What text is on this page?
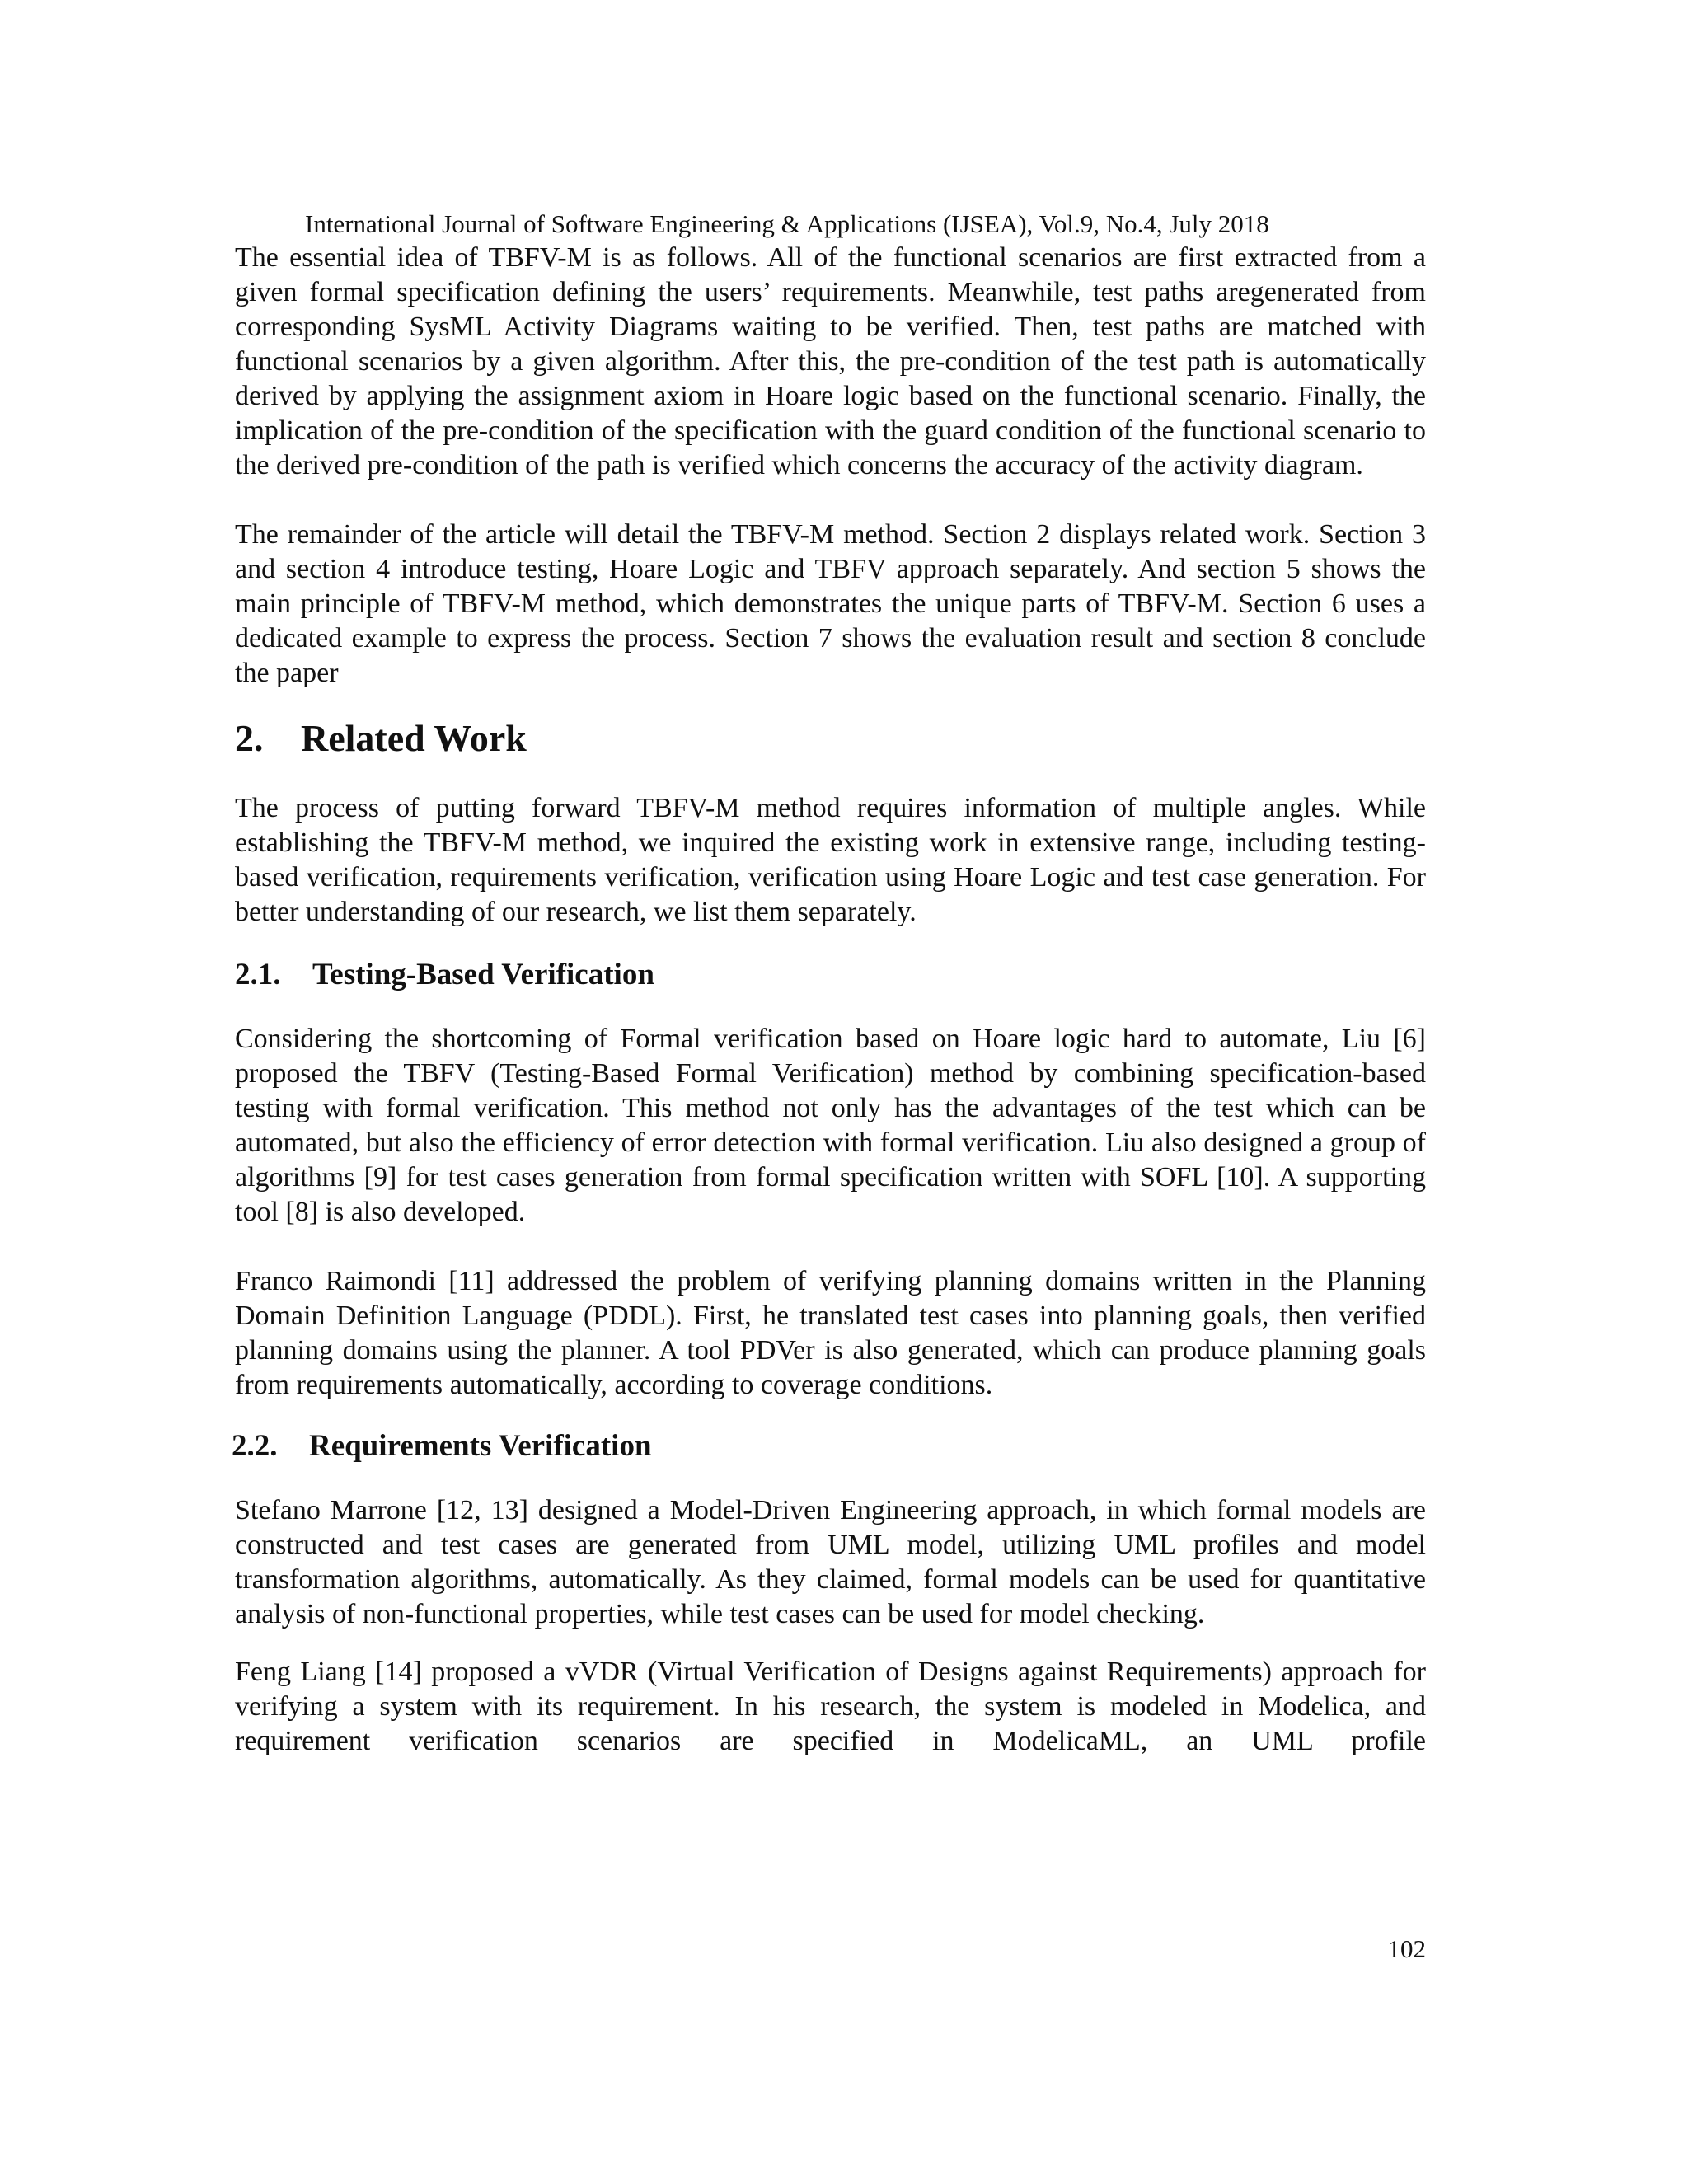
International Journal of Software Engineering & Applications (IJSEA), Vol.9, No.4, July 2018

The essential idea of TBFV-M is as follows. All of the functional scenarios are first extracted from a given formal specification defining the users’ requirements. Meanwhile, test paths aregenerated from corresponding SysML Activity Diagrams waiting to be verified. Then, test paths are matched with functional scenarios by a given algorithm. After this, the pre-condition of the test path is automatically derived by applying the assignment axiom in Hoare logic based on the functional scenario. Finally, the implication of the pre-condition of the specification with the guard condition of the functional scenario to the derived pre-condition of the path is verified which concerns the accuracy of the activity diagram.

The remainder of the article will detail the TBFV-M method. Section 2 displays related work. Section 3 and section 4 introduce testing, Hoare Logic and TBFV approach separately. And section 5 shows the main principle of TBFV-M method, which demonstrates the unique parts of TBFV-M. Section 6 uses a dedicated example to express the process. Section 7 shows the evaluation result and section 8 conclude the paper

2. Related Work

The process of putting forward TBFV-M method requires information of multiple angles. While establishing the TBFV-M method, we inquired the existing work in extensive range, including testing-based verification, requirements verification, verification using Hoare Logic and test case generation. For better understanding of our research, we list them separately.

2.1.	Testing-Based Verification

Considering the shortcoming of Formal verification based on Hoare logic hard to automate, Liu [6] proposed the TBFV (Testing-Based Formal Verification) method by combining specification-based testing with formal verification. This method not only has the advantages of the test which can be automated, but also the efficiency of error detection with formal verification. Liu also designed a group of algorithms [9] for test cases generation from formal specification written with SOFL [10]. A supporting tool [8] is also developed.

Franco Raimondi [11] addressed the problem of verifying planning domains written in the Planning Domain Definition Language (PDDL). First, he translated test cases into planning goals, then verified planning domains using the planner. A tool PDVer is also generated, which can produce planning goals from requirements automatically, according to coverage conditions.

2.2.	Requirements Verification

Stefano Marrone [12, 13] designed a Model-Driven Engineering approach, in which formal models are constructed and test cases are generated from UML model, utilizing UML profiles and model transformation algorithms, automatically. As they claimed, formal models can be used for quantitative analysis of non-functional properties, while test cases can be used for model checking.

Feng Liang [14] proposed a vVDR (Virtual Verification of Designs against Requirements) approach for verifying a system with its requirement. In his research, the system is modeled in Modelica, and requirement verification scenarios are specified in ModelicaML, an UML profile

102
